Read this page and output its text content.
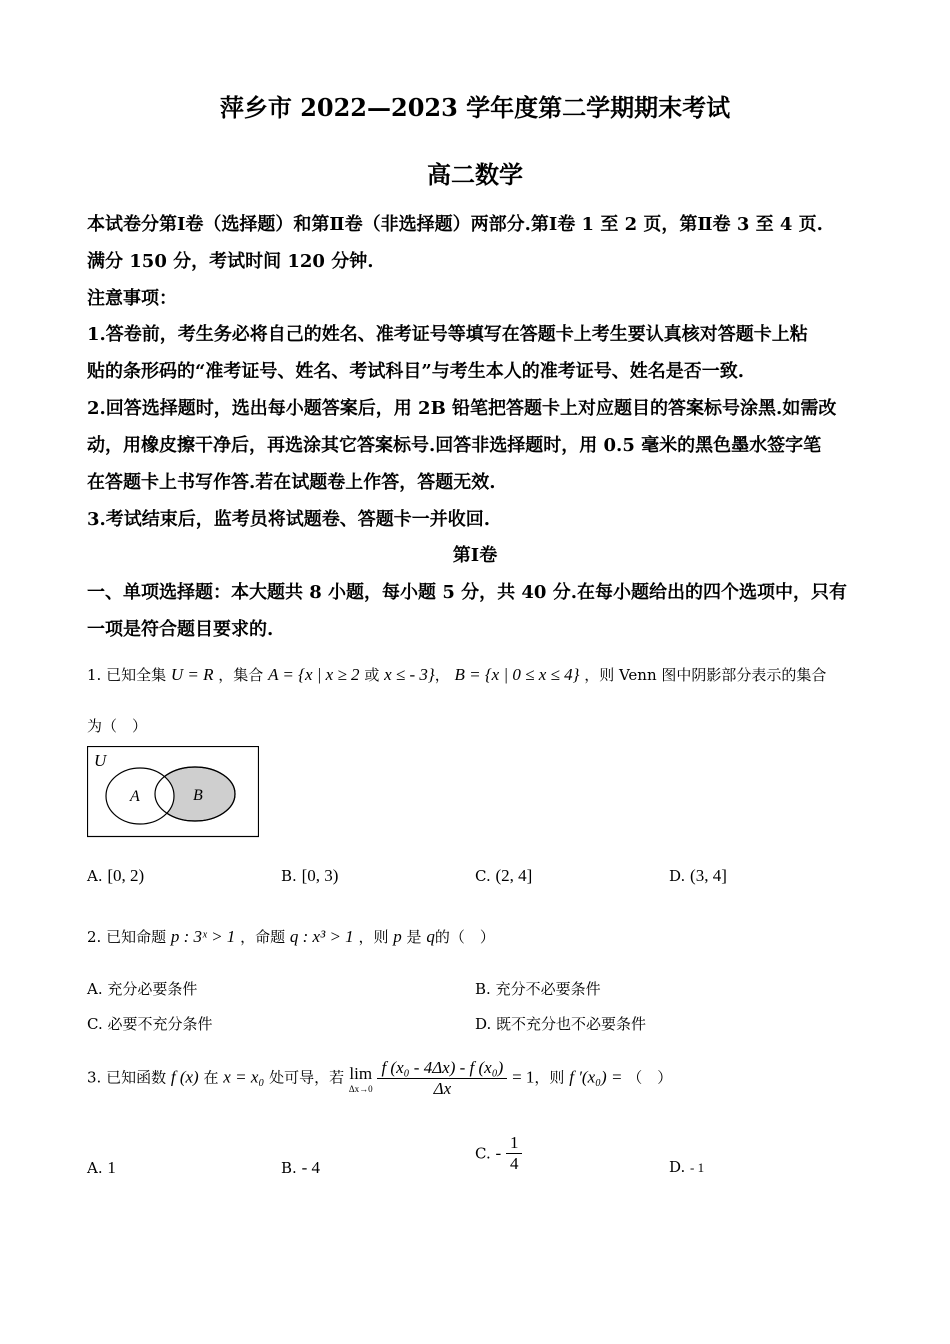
萍乡市 2022—2023 学年度第二学期期末考试
高二数学
本试卷分第Ⅰ卷（选择题）和第Ⅱ卷（非选择题）两部分.第Ⅰ卷 1 至 2 页，第Ⅱ卷 3 至 4 页.
满分 150 分，考试时间 120 分钟.
注意事项：
1.答卷前，考生务必将自己的姓名、准考证号等填写在答题卡上考生要认真核对答题卡上粘
贴的条形码的“准考证号、姓名、考试科目”与考生本人的准考证号、姓名是否一致.
2.回答选择题时，选出每小题答案后，用 2B 铅笔把答题卡上对应题目的答案标号涂黑.如需改
动，用橡皮擦干净后，再选涂其它答案标号.回答非选择题时，用 0.5 毫米的黑色墨水签字笔
在答题卡上书写作答.若在试题卷上作答，答题无效.
3.考试结束后，监考员将试题卷、答题卡一并收回.
第Ⅰ卷
一、单项选择题：本大题共 8 小题，每小题 5 分，共 40 分.在每小题给出的四个选项中，只有
一项是符合题目要求的.
1. 已知全集 U = R ，集合 A = {x | x ≥ 2 或 x ≤ - 3}， B = {x | 0 ≤ x ≤ 4} ，则 Venn 图中阴影部分表示的集合
为（　）
U
A	B
A. [0, 2)	B. [0, 3)	C. (2, 4]	D. (3, 4]
2. 已知命题 p : 3ˣ > 1 ，命题 q : x³ > 1 ，则 p 是 q的（　）
A. 充分必要条件	B. 充分不必要条件
C. 必要不充分条件	D. 既不充分也不必要条件
3. 已知函数 f (x) 在 x = x₀ 处可导，若 lim
Δx→0
$\frac{\text{f (x₀ - 4Δx) - f (x₀)}}{\Delta x} = 1$，则 f ′(x₀) = （　）
A. 1	B. - 4
C. - $\frac{1}{4}$	D. - 1
